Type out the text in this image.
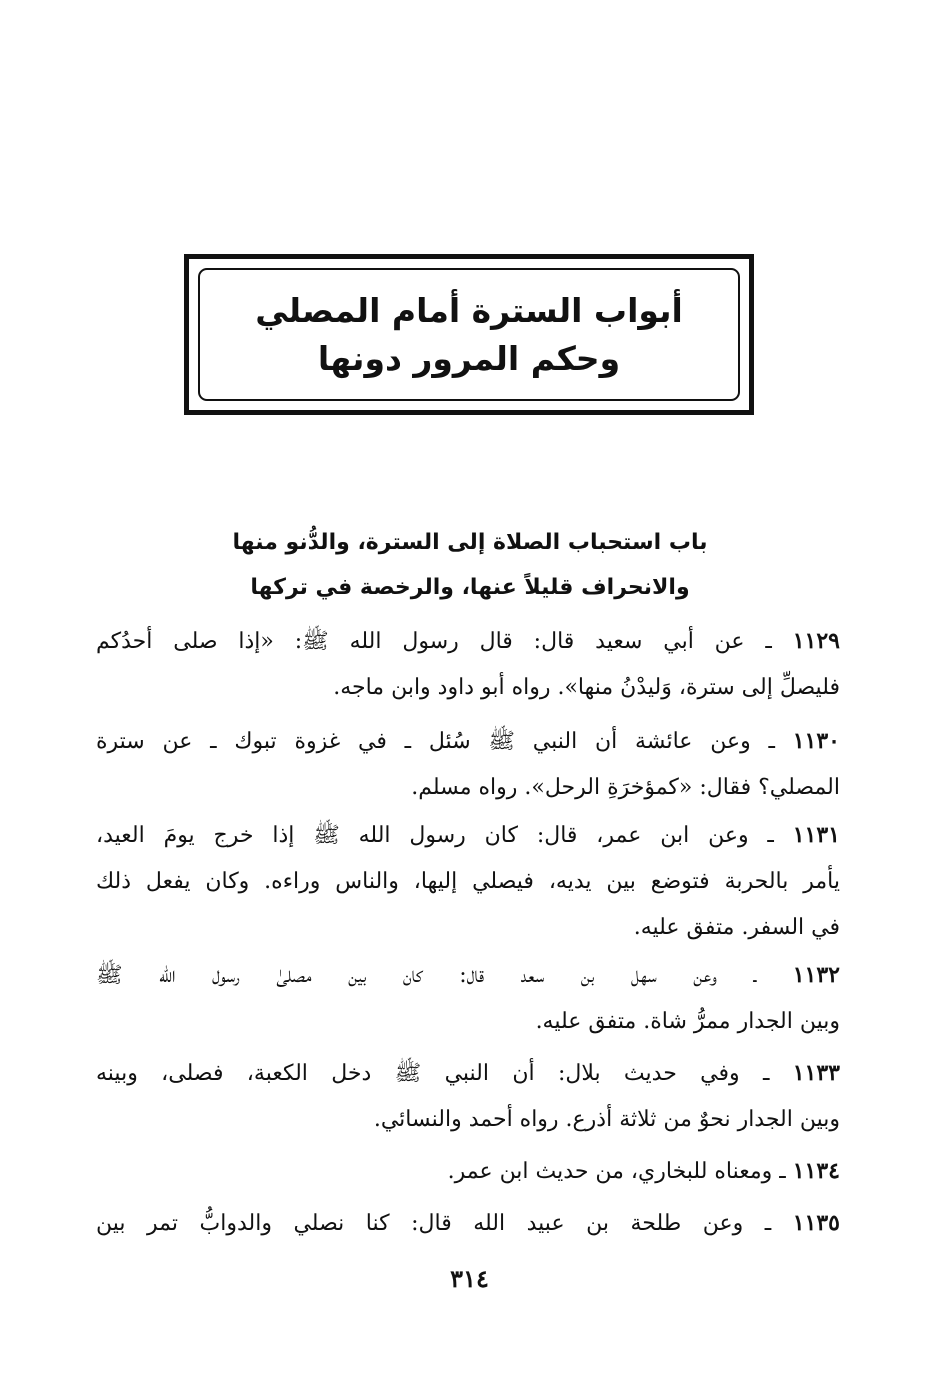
أبواب السترة أمام المصلي
وحكم المرور دونها
باب استحباب الصلاة إلى السترة، والدُّنو منها
والانحراف قليلاً عنها، والرخصة في تركها
١١٢٩ ـ عن أبي سعيد قال: قال رسول الله ﷺ: «إذا صلى أحدُكم
فليصلِّ إلى سترة، وَليدْنُ منها». رواه أبو داود وابن ماجه.
١١٣٠ ـ وعن عائشة أن النبي ﷺ سُئل ـ في غزوة تبوك ـ عن سترة
المصلي؟ فقال: «كمؤخرَةِ الرحل». رواه مسلم.
١١٣١ ـ وعن ابن عمر، قال: كان رسول الله ﷺ إذا خرج يومَ العيد،
يأمر بالحربة فتوضع بين يديه، فيصلي إليها، والناس وراءه. وكان يفعل ذلك
في السفر. متفق عليه.
١١٣٢ ـ وعن سهل بن سعد قال: كان بين مصلىٰ رسول الله ﷺ
وبين الجدار ممرُّ شاة. متفق عليه.
١١٣٣ ـ وفي حديث بلال: أن النبي ﷺ دخل الكعبة، فصلى، وبينه
وبين الجدار نحوٌ من ثلاثة أذرع. رواه أحمد والنسائي.
١١٣٤ ـ ومعناه للبخاري، من حديث ابن عمر.
١١٣٥ ـ وعن طلحة بن عبيد الله قال: كنا نصلي والدوابُّ تمر بين
٣١٤
